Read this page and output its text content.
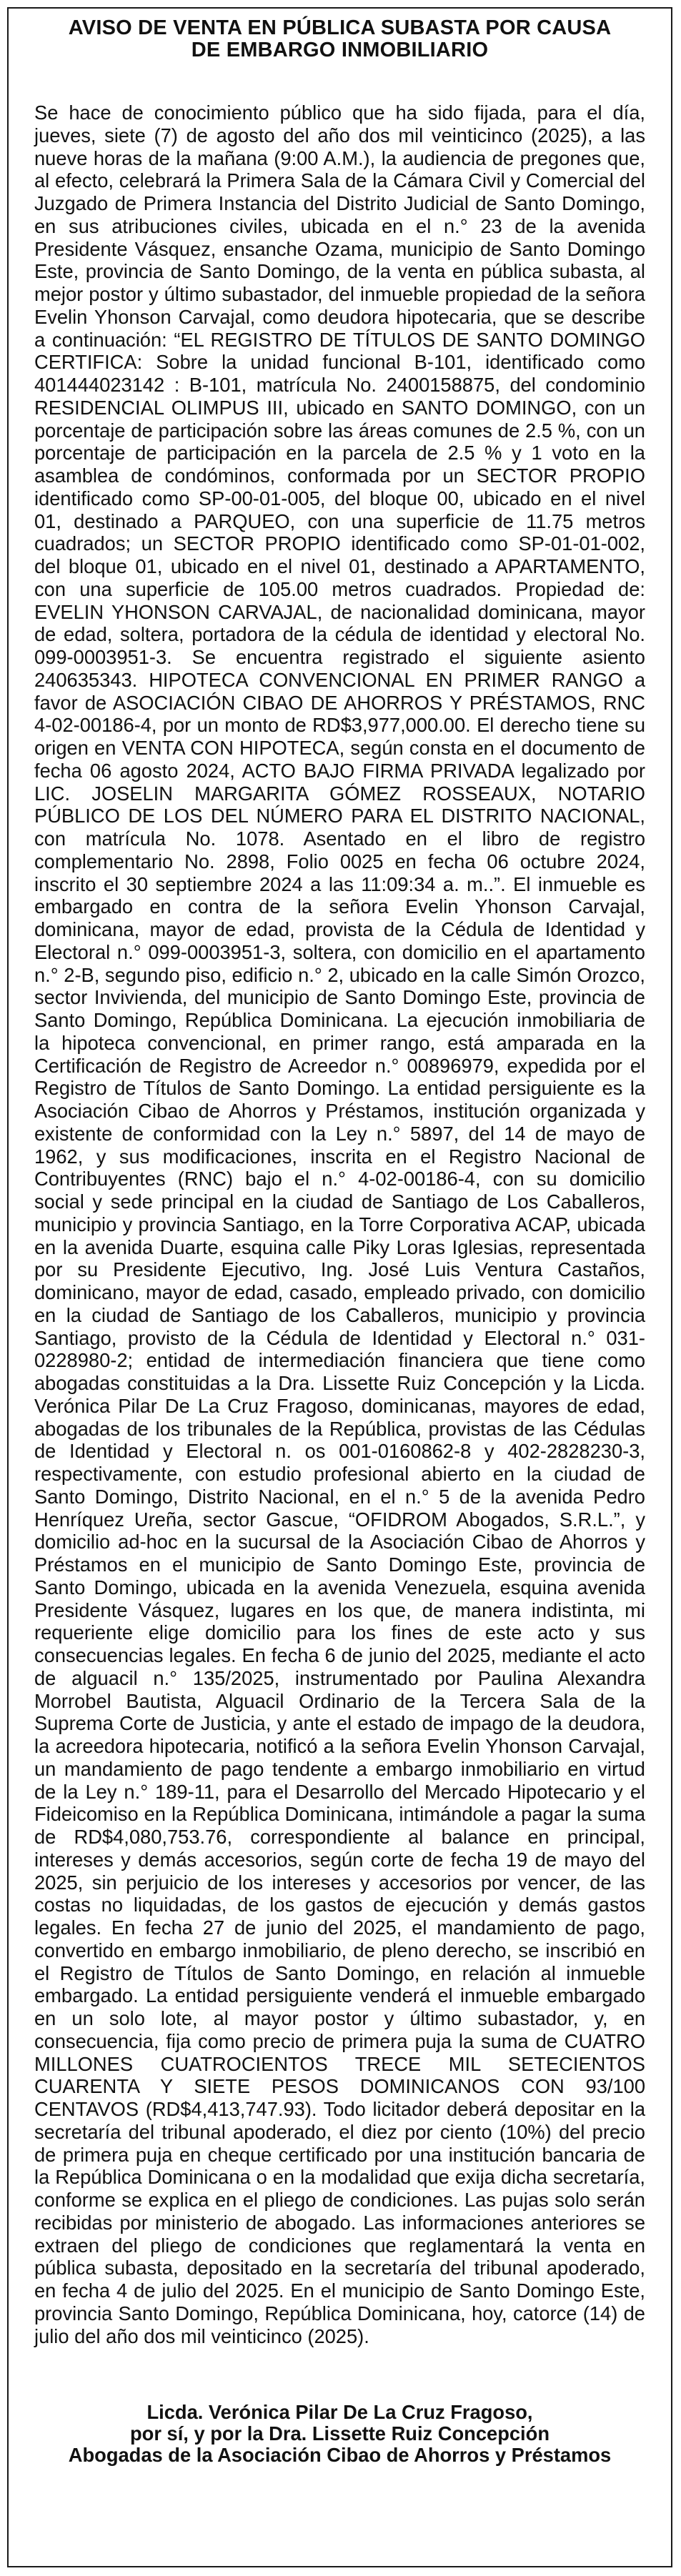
AVISO DE VENTA EN PÚBLICA SUBASTA POR CAUSA
DE EMBARGO INMOBILIARIO

Se hace de conocimiento público que ha sido fijada, para el día, jueves, siete (7) de agosto del año dos mil veinticinco (2025), a las nueve horas de la mañana (9:00 A.M.), la audiencia de pregones que, al efecto, celebrará la Primera Sala de la Cámara Civil y Comercial del Juzgado de Primera Instancia del Distrito Judicial de Santo Domingo, en sus atribuciones civiles, ubicada en el n.° 23 de la avenida Presidente Vásquez, ensanche Ozama, municipio de Santo Domingo Este, provincia de Santo Domingo, de la venta en pública subasta, al mejor postor y último subastador, del inmueble propiedad de la señora Evelin Yhonson Carvajal, como deudora hipotecaria, que se describe a continuación: “EL REGISTRO DE TÍTULOS DE SANTO DOMINGO CERTIFICA: Sobre la unidad funcional B-101, identificado como 401444023142 : B-101, matrícula No. 2400158875, del condominio RESIDENCIAL OLIMPUS III, ubicado en SANTO DOMINGO, con un porcentaje de participación sobre las áreas comunes de 2.5 %, con un porcentaje de participación en la parcela de 2.5 % y 1 voto en la asamblea de condóminos, conformada por un SECTOR PROPIO identificado como SP-00-01-005, del bloque 00, ubicado en el nivel 01, destinado a PARQUEO, con una superficie de 11.75 metros cuadrados; un SECTOR PROPIO identificado como SP-01-01-002, del bloque 01, ubicado en el nivel 01, destinado a APARTAMENTO, con una superficie de 105.00 metros cuadrados. Propiedad de: EVELIN YHONSON CARVAJAL, de nacionalidad dominicana, mayor de edad, soltera, portadora de la cédula de identidad y electoral No. 099-0003951-3. Se encuentra registrado el siguiente asiento 240635343. HIPOTECA CONVENCIONAL EN PRIMER RANGO a favor de ASOCIACIÓN CIBAO DE AHORROS Y PRÉSTAMOS, RNC 4-02-00186-4, por un monto de RD$3,977,000.00. El derecho tiene su origen en VENTA CON HIPOTECA, según consta en el documento de fecha 06 agosto 2024, ACTO BAJO FIRMA PRIVADA legalizado por LIC. JOSELIN MARGARITA GÓMEZ ROSSEAUX, NOTARIO PÚBLICO DE LOS DEL NÚMERO PARA EL DISTRITO NACIONAL, con matrícula No. 1078. Asentado en el libro de registro complementario No. 2898, Folio 0025 en fecha 06 octubre 2024, inscrito el 30 septiembre 2024 a las 11:09:34 a. m..”. El inmueble es embargado en contra de la señora Evelin Yhonson Carvajal, dominicana, mayor de edad, provista de la Cédula de Identidad y Electoral n.° 099-0003951-3, soltera, con domicilio en el apartamento n.° 2-B, segundo piso, edificio n.° 2, ubicado en la calle Simón Orozco, sector Invivienda, del municipio de Santo Domingo Este, provincia de Santo Domingo, República Dominicana. La ejecución inmobiliaria de la hipoteca convencional, en primer rango, está amparada en la Certificación de Registro de Acreedor n.° 00896979, expedida por el Registro de Títulos de Santo Domingo. La entidad persiguiente es la Asociación Cibao de Ahorros y Préstamos, institución organizada y existente de conformidad con la Ley n.° 5897, del 14 de mayo de 1962, y sus modificaciones, inscrita en el Registro Nacional de Contribuyentes (RNC) bajo el n.° 4-02-00186-4, con su domicilio social y sede principal en la ciudad de Santiago de Los Caballeros, municipio y provincia Santiago, en la Torre Corporativa ACAP, ubicada en la avenida Duarte, esquina calle Piky Loras Iglesias, representada por su Presidente Ejecutivo, Ing. José Luis Ventura Castaños, dominicano, mayor de edad, casado, empleado privado, con domicilio en la ciudad de Santiago de los Caballeros, municipio y provincia Santiago, provisto de la Cédula de Identidad y Electoral n.° 031-0228980-2; entidad de intermediación financiera que tiene como abogadas constituidas a la Dra. Lissette Ruiz Concepción y la Licda. Verónica Pilar De La Cruz Fragoso, dominicanas, mayores de edad, abogadas de los tribunales de la República, provistas de las Cédulas de Identidad y Electoral n. os 001-0160862-8 y 402-2828230-3, respectivamente, con estudio profesional abierto en la ciudad de Santo Domingo, Distrito Nacional, en el n.° 5 de la avenida Pedro Henríquez Ureña, sector Gascue, “OFIDROM Abogados, S.R.L.”, y domicilio ad-hoc en la sucursal de la Asociación Cibao de Ahorros y Préstamos en el municipio de Santo Domingo Este, provincia de Santo Domingo, ubicada en la avenida Venezuela, esquina avenida Presidente Vásquez, lugares en los que, de manera indistinta, mi requeriente elige domicilio para los fines de este acto y sus consecuencias legales. En fecha 6 de junio del 2025, mediante el acto de alguacil n.° 135/2025, instrumentado por Paulina Alexandra Morrobel Bautista, Alguacil Ordinario de la Tercera Sala de la Suprema Corte de Justicia, y ante el estado de impago de la deudora, la acreedora hipotecaria, notificó a la señora Evelin Yhonson Carvajal, un mandamiento de pago tendente a embargo inmobiliario en virtud de la Ley n.° 189-11, para el Desarrollo del Mercado Hipotecario y el Fideicomiso en la República Dominicana, intimándole a pagar la suma de RD$4,080,753.76, correspondiente al balance en principal, intereses y demás accesorios, según corte de fecha 19 de mayo del 2025, sin perjuicio de los intereses y accesorios por vencer, de las costas no liquidadas, de los gastos de ejecución y demás gastos legales. En fecha 27 de junio del 2025, el mandamiento de pago, convertido en embargo inmobiliario, de pleno derecho, se inscribió en el Registro de Títulos de Santo Domingo, en relación al inmueble embargado. La entidad persiguiente venderá el inmueble embargado en un solo lote, al mayor postor y último subastador, y, en consecuencia, fija como precio de primera puja la suma de CUATRO MILLONES CUATROCIENTOS TRECE MIL SETECIENTOS CUARENTA Y SIETE PESOS DOMINICANOS CON 93/100 CENTAVOS (RD$4,413,747.93). Todo licitador deberá depositar en la secretaría del tribunal apoderado, el diez por ciento (10%) del precio de primera puja en cheque certificado por una institución bancaria de la República Dominicana o en la modalidad que exija dicha secretaría, conforme se explica en el pliego de condiciones. Las pujas solo serán recibidas por ministerio de abogado. Las informaciones anteriores se extraen del pliego de condiciones que reglamentará la venta en pública subasta, depositado en la secretaría del tribunal apoderado, en fecha 4 de julio del 2025. En el municipio de Santo Domingo Este, provincia Santo Domingo, República Dominicana, hoy, catorce (14) de julio del año dos mil veinticinco (2025).

Licda. Verónica Pilar De La Cruz Fragoso,
por sí, y por la Dra. Lissette Ruiz Concepción
Abogadas de la Asociación Cibao de Ahorros y Préstamos
